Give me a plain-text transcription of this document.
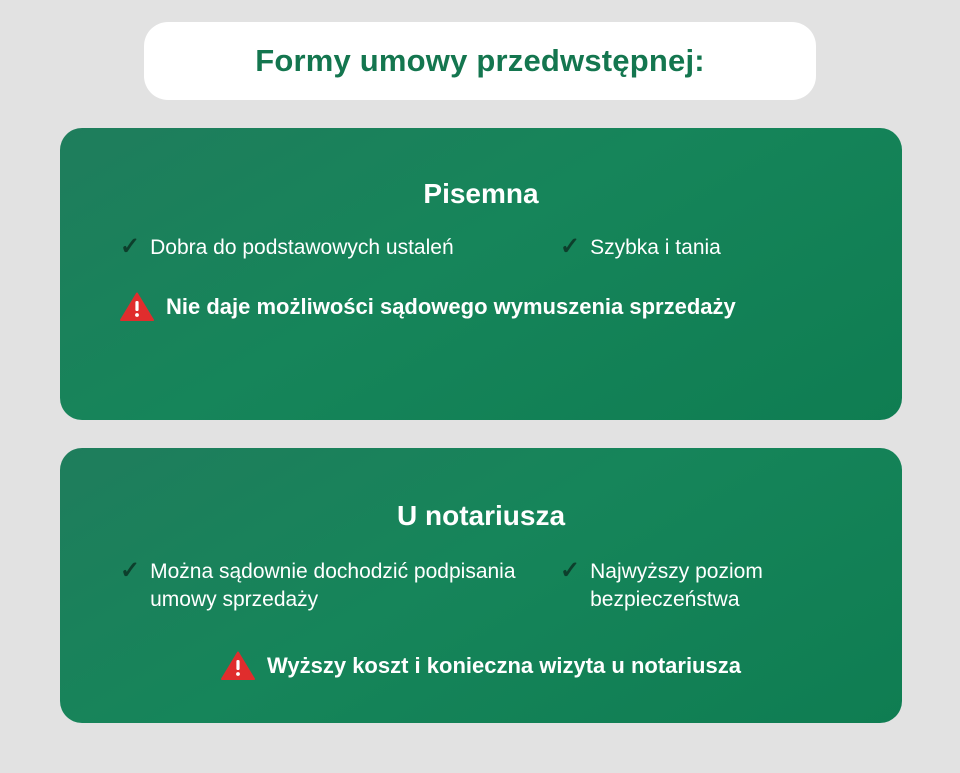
Formy umowy przedwstępnej:
Pisemna
✓ Dobra do podstawowych ustaleń	✓ Szybka i tania
Nie daje możliwości sądowego wymuszenia sprzedaży
U notariusza
✓ Można sądownie dochodzić podpisania umowy sprzedaży
✓ Najwyższy poziom bezpieczeństwa
Wyższy koszt i konieczna wizyta u notariusza
